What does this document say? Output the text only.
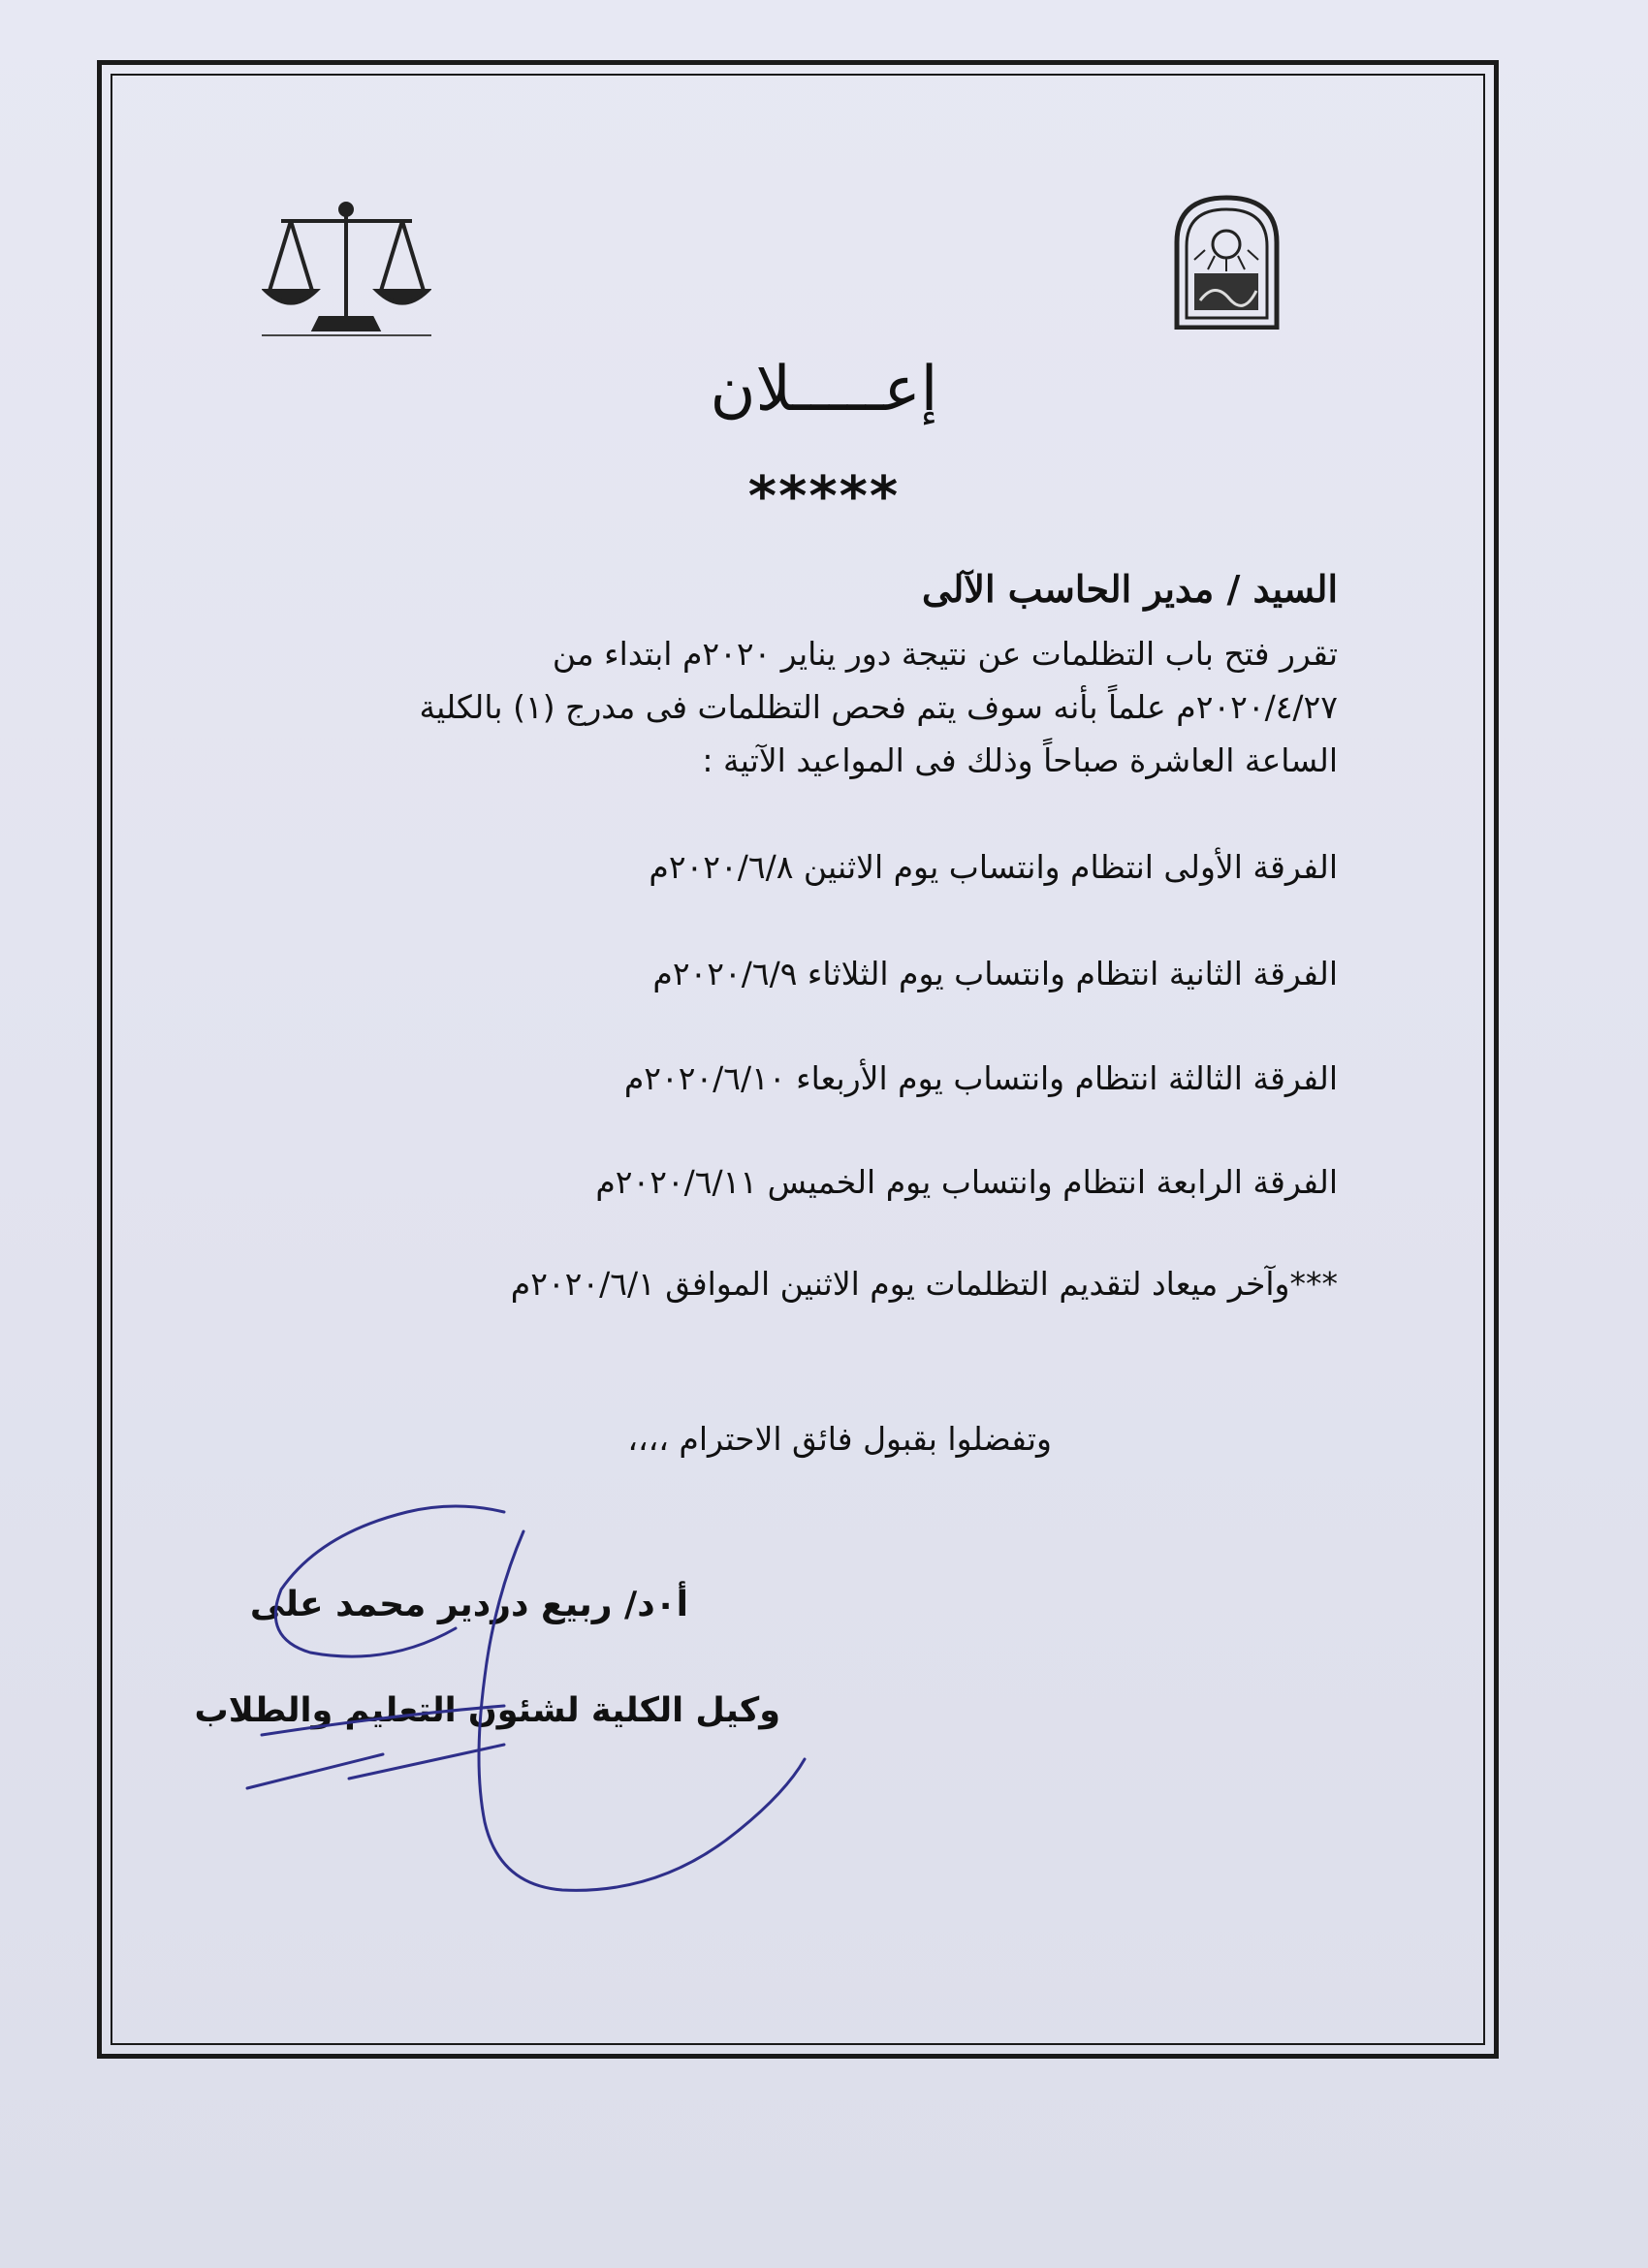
إعـــــلان
*****
السيد / مدير الحاسب الآلى
تقرر فتح باب التظلمات عن نتيجة دور يناير ٢٠٢٠م ابتداء من
٢٠٢٠/٤/٢٧م علماً بأنه سوف يتم فحص التظلمات فى مدرج (١) بالكلية
الساعة العاشرة صباحاً وذلك فى المواعيد الآتية :
الفرقة الأولى انتظام وانتساب يوم الاثنين ٢٠٢٠/٦/٨م
الفرقة الثانية انتظام وانتساب يوم الثلاثاء ٢٠٢٠/٦/٩م
الفرقة الثالثة انتظام وانتساب يوم الأربعاء ٢٠٢٠/٦/١٠م
الفرقة الرابعة انتظام وانتساب يوم الخميس ٢٠٢٠/٦/١١م
***وآخر ميعاد لتقديم التظلمات يوم الاثنين الموافق ٢٠٢٠/٦/١م
وتفضلوا بقبول فائق الاحترام ،،،،
أ٠د/ ربيع دردير محمد على
وكيل الكلية لشئون التعليم والطلاب
